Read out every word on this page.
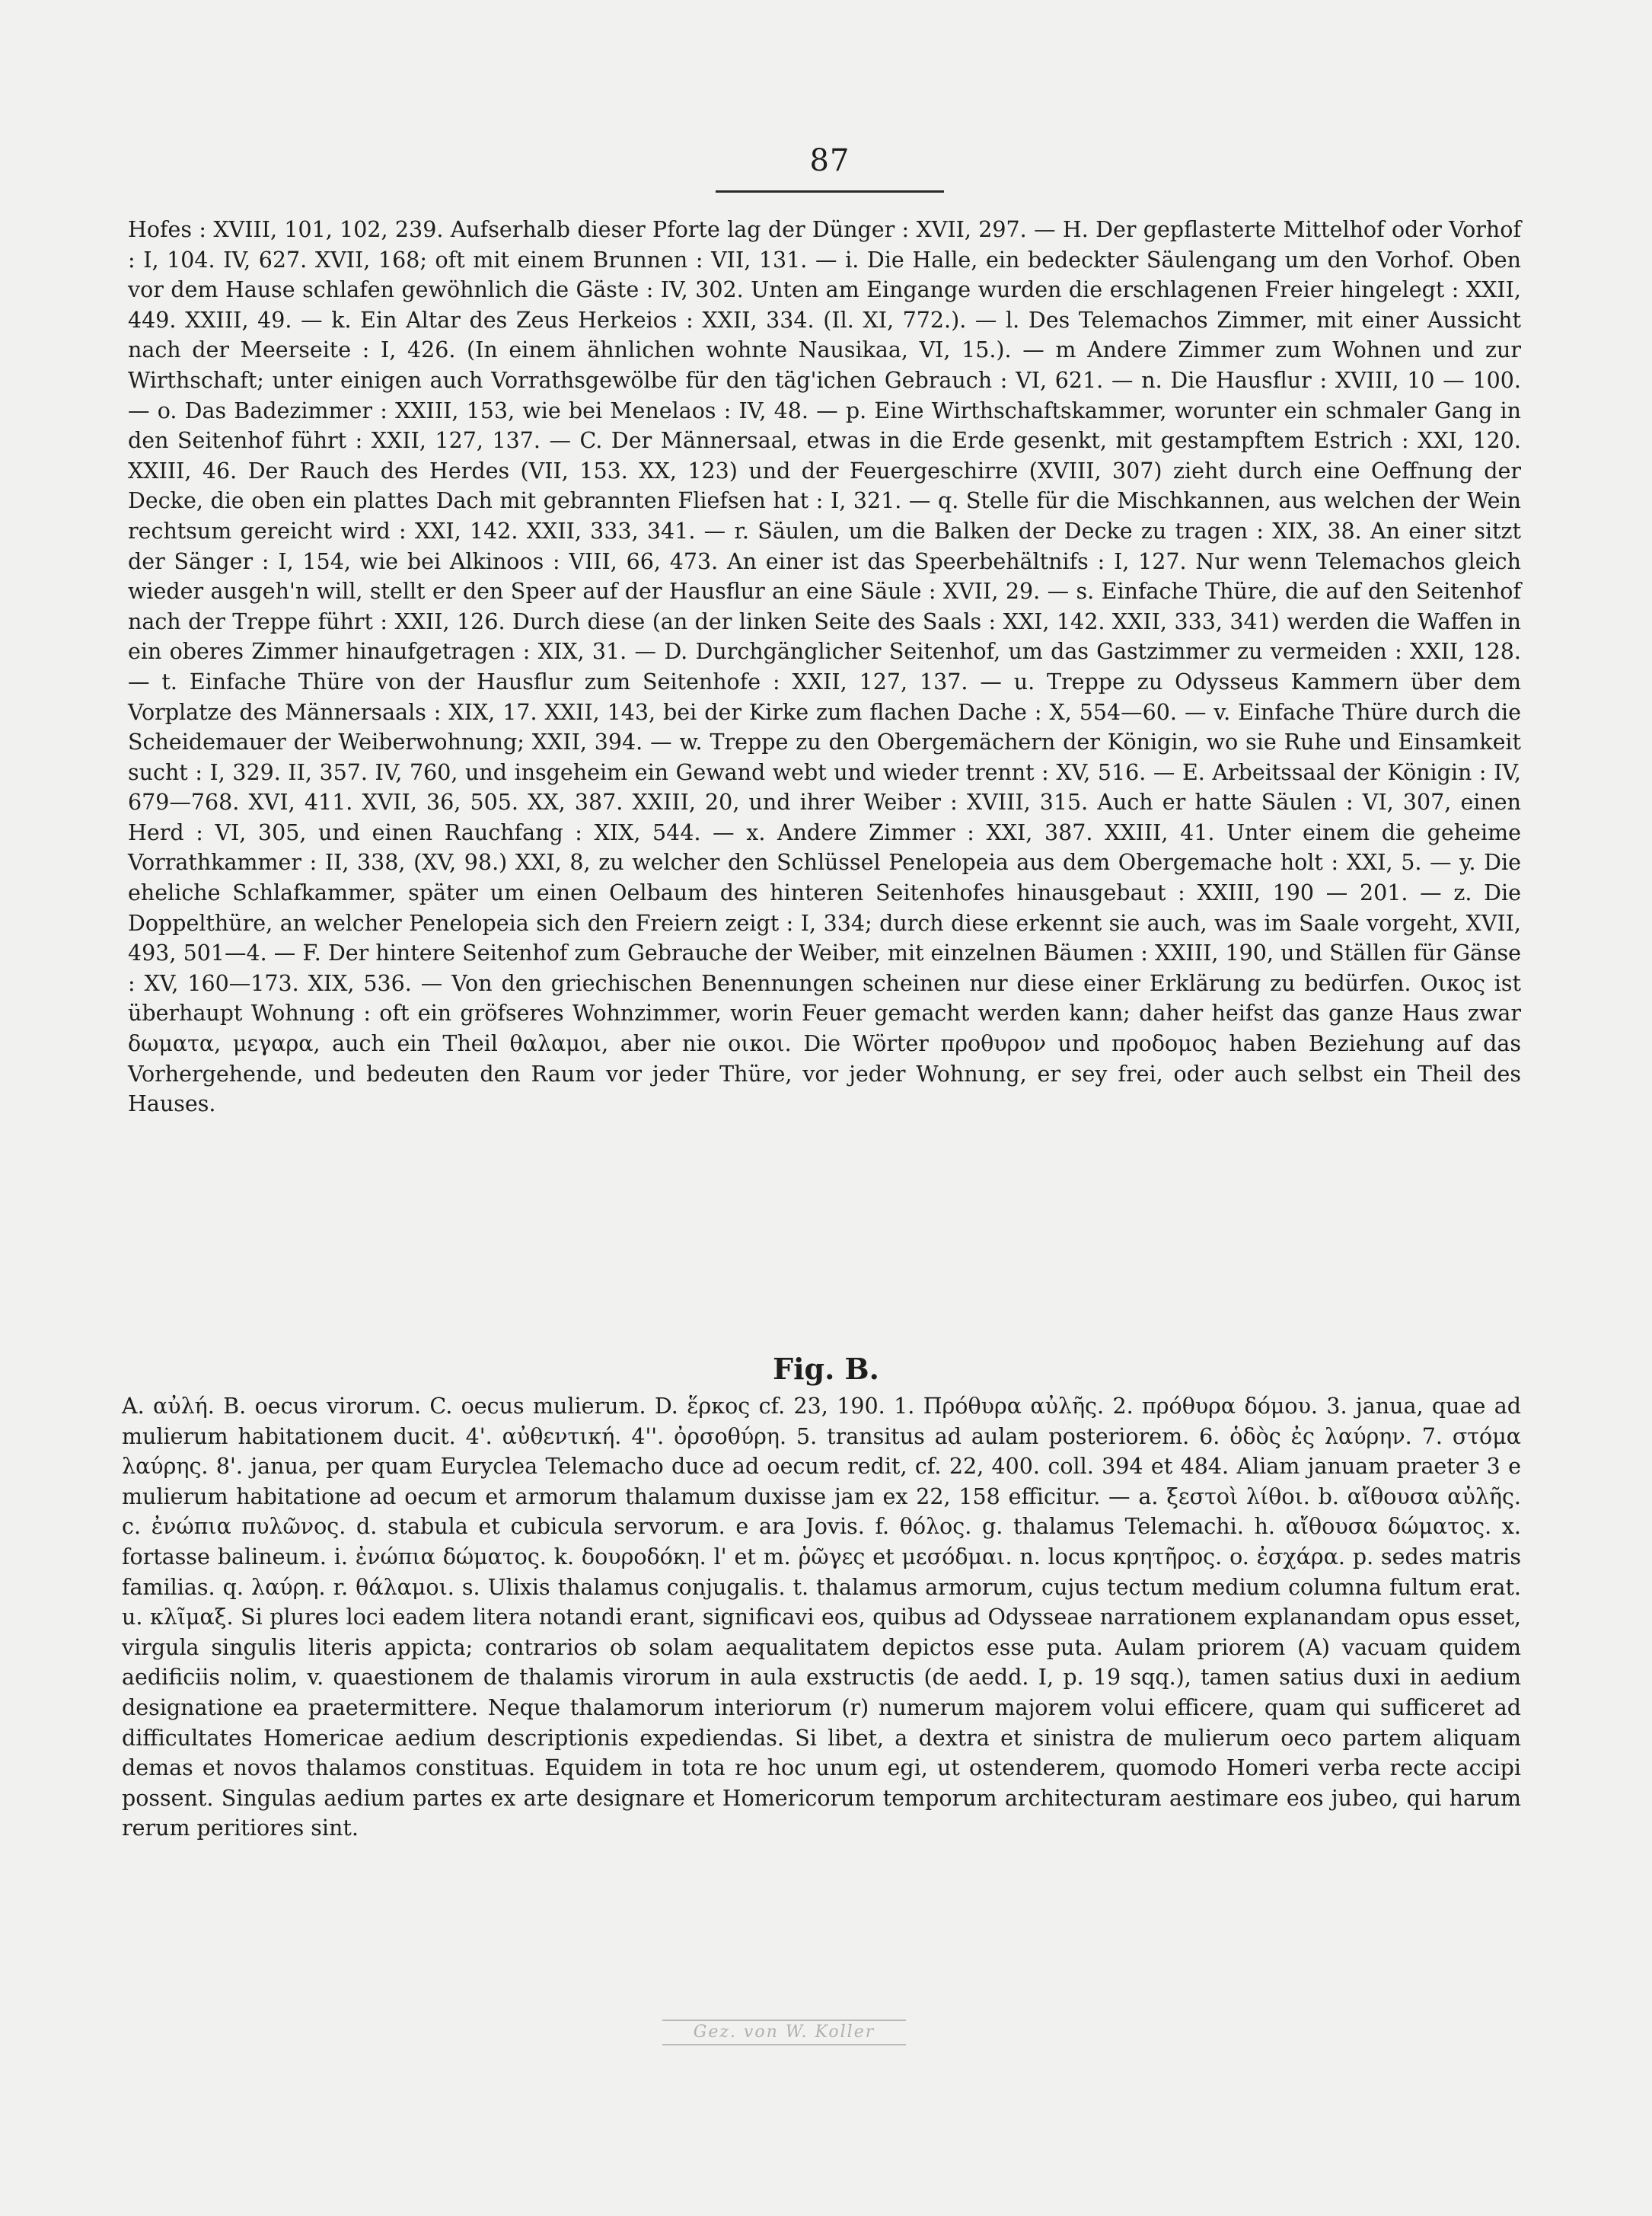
87
Hofes : XVIII, 101, 102, 239. Aufserhalb dieser Pforte lag der Dünger : XVII, 297. — H. Der gepflasterte Mittelhof oder Vorhof : I, 104. IV, 627. XVII, 168; oft mit einem Brunnen : VII, 131. — i. Die Halle, ein bedeckter Säulengang um den Vorhof. Oben vor dem Hause schlafen gewöhnlich die Gäste : IV, 302. Unten am Eingange wurden die erschlagenen Freier hingelegt : XXII, 449. XXIII, 49. — k. Ein Altar des Zeus Herkeios : XXII, 334. (Il. XI, 772.). — l. Des Telemachos Zimmer, mit einer Aussicht nach der Meerseite : I, 426. (In einem ähnlichen wohnte Nausikaa, VI, 15.). — m Andere Zimmer zum Wohnen und zur Wirthschaft; unter einigen auch Vorrathsgewölbe für den täg'ichen Gebrauch : VI, 621. — n. Die Hausflur : XVIII, 10 — 100. — o. Das Badezimmer : XXIII, 153, wie bei Menelaos : IV, 48. — p. Eine Wirthschaftskammer, worunter ein schmaler Gang in den Seitenhof führt : XXII, 127, 137. — C. Der Männersaal, etwas in die Erde gesenkt, mit gestampftem Estrich : XXI, 120. XXIII, 46. Der Rauch des Herdes (VII, 153. XX, 123) und der Feuergeschirre (XVIII, 307) zieht durch eine Oeffnung der Decke, die oben ein plattes Dach mit gebrannten Fliefsen hat : I, 321. — q. Stelle für die Mischkannen, aus welchen der Wein rechtsum gereicht wird : XXI, 142. XXII, 333, 341. — r. Säulen, um die Balken der Decke zu tragen : XIX, 38. An einer sitzt der Sänger : I, 154, wie bei Alkinoos : VIII, 66, 473. An einer ist das Speerbehältnifs : I, 127. Nur wenn Telemachos gleich wieder ausgeh'n will, stellt er den Speer auf der Hausflur an eine Säule : XVII, 29. — s. Einfache Thüre, die auf den Seitenhof nach der Treppe führt : XXII, 126. Durch diese (an der linken Seite des Saals : XXI, 142. XXII, 333, 341) werden die Waffen in ein oberes Zimmer hinaufgetragen : XIX, 31. — D. Durchgänglicher Seitenhof, um das Gastzimmer zu vermeiden : XXII, 128. — t. Einfache Thüre von der Hausflur zum Seitenhofe : XXII, 127, 137. — u. Treppe zu Odysseus Kammern über dem Vorplatze des Männersaals : XIX, 17. XXII, 143, bei der Kirke zum flachen Dache : X, 554—60. — v. Einfache Thüre durch die Scheidemauer der Weiberwohnung; XXII, 394. — w. Treppe zu den Obergemächern der Königin, wo sie Ruhe und Einsamkeit sucht : I, 329. II, 357. IV, 760, und insgeheim ein Gewand webt und wieder trennt : XV, 516. — E. Arbeitssaal der Königin : IV, 679—768. XVI, 411. XVII, 36, 505. XX, 387. XXIII, 20, und ihrer Weiber : XVIII, 315. Auch er hatte Säulen : VI, 307, einen Herd : VI, 305, und einen Rauchfang : XIX, 544. — x. Andere Zimmer : XXI, 387. XXIII, 41. Unter einem die geheime Vorrathkammer : II, 338, (XV, 98.) XXI, 8, zu welcher den Schlüssel Penelopeia aus dem Obergemache holt : XXI, 5. — y. Die eheliche Schlafkammer, später um einen Oelbaum des hinteren Seitenhofes hinausgebaut : XXIII, 190 — 201. — z. Die Doppelthüre, an welcher Penelopeia sich den Freiern zeigt : I, 334; durch diese erkennt sie auch, was im Saale vorgeht, XVII, 493, 501—4. — F. Der hintere Seitenhof zum Gebrauche der Weiber, mit einzelnen Bäumen : XXIII, 190, und Ställen für Gänse : XV, 160—173. XIX, 536. — Von den griechischen Benennungen scheinen nur diese einer Erklärung zu bedürfen. Οικος ist überhaupt Wohnung : oft ein gröfseres Wohnzimmer, worin Feuer gemacht werden kann; daher heifst das ganze Haus zwar δωματα, μεγαρα, auch ein Theil θαλαμοι, aber nie οικοι. Die Wörter προθυρον und προδομος haben Beziehung auf das Vorhergehende, und bedeuten den Raum vor jeder Thüre, vor jeder Wohnung, er sey frei, oder auch selbst ein Theil des Hauses.
Fig. B.
A. αὐλή. B. oecus virorum. C. oecus mulierum. D. ἕρκος cf. 23, 190. 1. Πρόθυρα αὐλῆς. 2. πρόθυρα δόμου. 3. janua, quae ad mulierum habitationem ducit. 4'. αὐθεντική. 4''. ὀρσοθύρη. 5. transitus ad aulam posteriorem. 6. ὁδὸς ἐς λαύρην. 7. στόμα λαύρης. 8'. janua, per quam Euryclea Telemacho duce ad oecum redit, cf. 22, 400. coll. 394 et 484. Aliam januam praeter 3 e mulierum habitatione ad oecum et armorum thalamum duxisse jam ex 22, 158 efficitur. — a. ξεστοὶ λίθοι. b. αἴθουσα αὐλῆς. c. ἐνώπια πυλῶνος. d. stabula et cubicula servorum. e ara Jovis. f. θόλος. g. thalamus Telemachi. h. αἴθουσα δώματος. x. fortasse balineum. i. ἐνώπια δώματος. k. δουροδόκη. l' et m. ῥῶγες et μεσόδμαι. n. locus κρητῆρος. o. ἐσχάρα. p. sedes matris familias. q. λαύρη. r. θάλαμοι. s. Ulixis thalamus conjugalis. t. thalamus armorum, cujus tectum medium columna fultum erat. u. κλῖμαξ. Si plures loci eadem litera notandi erant, significavi eos, quibus ad Odysseae narrationem explanandam opus esset, virgula singulis literis appicta; contrarios ob solam aequalitatem depictos esse puta. Aulam priorem (A) vacuam quidem aedificiis nolim, v. quaestionem de thalamis virorum in aula exstructis (de aedd. I, p. 19 sqq.), tamen satius duxi in aedium designatione ea praetermittere. Neque thalamorum interiorum (r) numerum majorem volui efficere, quam qui sufficeret ad difficultates Homericae aedium descriptionis expediendas. Si libet, a dextra et sinistra de mulierum oeco partem aliquam demas et novos thalamos constituas. Equidem in tota re hoc unum egi, ut ostenderem, quomodo Homeri verba recte accipi possent. Singulas aedium partes ex arte designare et Homericorum temporum architecturam aestimare eos jubeo, qui harum rerum peritiores sint.
Gez. von W. Koller
